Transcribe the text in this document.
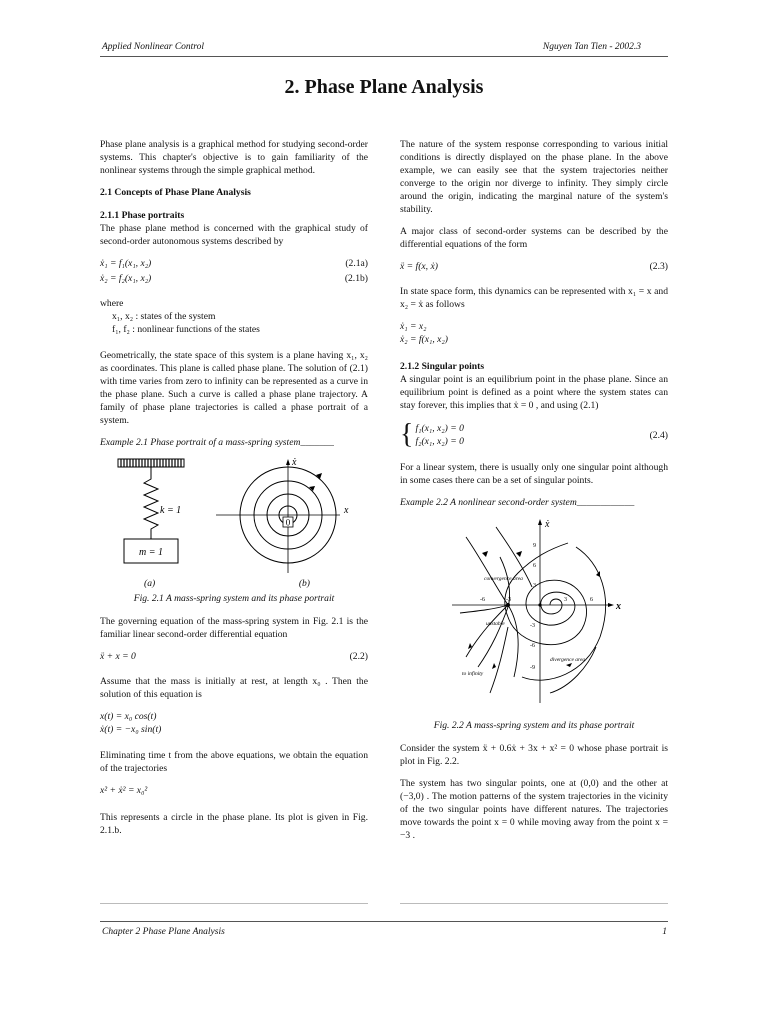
Applied Nonlinear Control	Nguyen Tan Tien - 2002.3
2. Phase Plane Analysis

Phase plane analysis is a graphical method for studying second-order systems. This chapter's objective is to gain familiarity of the nonlinear systems through the simple graphical method.

2.1 Concepts of Phase Plane Analysis
2.1.1 Phase portraits

The phase plane method is concerned with the graphical study of second-order autonomous systems described by

ẋ₁ = f₁(x₁, x₂)	(2.1a)
ẋ₂ = f₂(x₁, x₂)	(2.1b)
where
x₁, x₂ : states of the system
f₁, f₂ : nonlinear functions of the states

Geometrically, the state space of this system is a plane having x₁, x₂ as coordinates. This plane is called phase plane. The solution of (2.1) with time varies from zero to infinity can be represented as a curve in the phase plane. Such a curve is called a phase plane trajectory. A family of phase plane trajectories is called a phase portrait of a system.

Example 2.1 Phase portrait of a mass-spring system_______
k = 1
m = 1
ẋ
x
0
(a)	(b)
Fig. 2.1 A mass-spring system and its phase portrait

The governing equation of the mass-spring system in Fig. 2.1 is the familiar linear second-order differential equation

ẍ + x = 0	(2.2)

Assume that the mass is initially at rest, at length x₀ . Then the solution of this equation is

x(t) = x₀ cos(t)
ẋ(t) = −x₀ sin(t)

Eliminating time t from the above equations, we obtain the equation of the trajectories

x² + ẋ² = x₀²

This represents a circle in the phase plane. Its plot is given in Fig. 2.1.b.

The nature of the system response corresponding to various initial conditions is directly displayed on the phase plane. In the above example, we can easily see that the system trajectories neither converge to the origin nor diverge to infinity. They simply circle around the origin, indicating the marginal nature of the system's stability.

A major class of second-order systems can be described by the differential equations of the form

ẍ = f(x, ẋ)	(2.3)

In state space form, this dynamics can be represented with x₁ = x and x₂ = ẋ as follows

ẋ₁ = x₂
ẋ₂ = f(x₁, x₂)
2.1.2 Singular points

A singular point is an equilibrium point in the phase plane. Since an equilibrium point is defined as a point where the system states can stay forever, this implies that ẋ = 0 , and using (2.1)

{ f₁(x₁, x₂) = 0
f₂(x₁, x₂) = 0
(2.4)

For a linear system, there is usually only one singular point although in some cases there can be a set of singular points.

Example 2.2 A nonlinear second-order system____________
ẋ
x
9
6
3
-3
-6
-9
-6	-3	3	6
convergence area
divergence area
unstable
to infinity
Fig. 2.2 A mass-spring system and its phase portrait

Consider the system ẍ + 0.6ẋ + 3x + x² = 0 whose phase portrait is plot in Fig. 2.2.

The system has two singular points, one at (0,0) and the other at (−3,0) . The motion patterns of the system trajectories in the vicinity of the two singular points have different natures. The trajectories move towards the point x = 0 while moving away from the point x = −3 .

Chapter 2 Phase Plane Analysis	1
